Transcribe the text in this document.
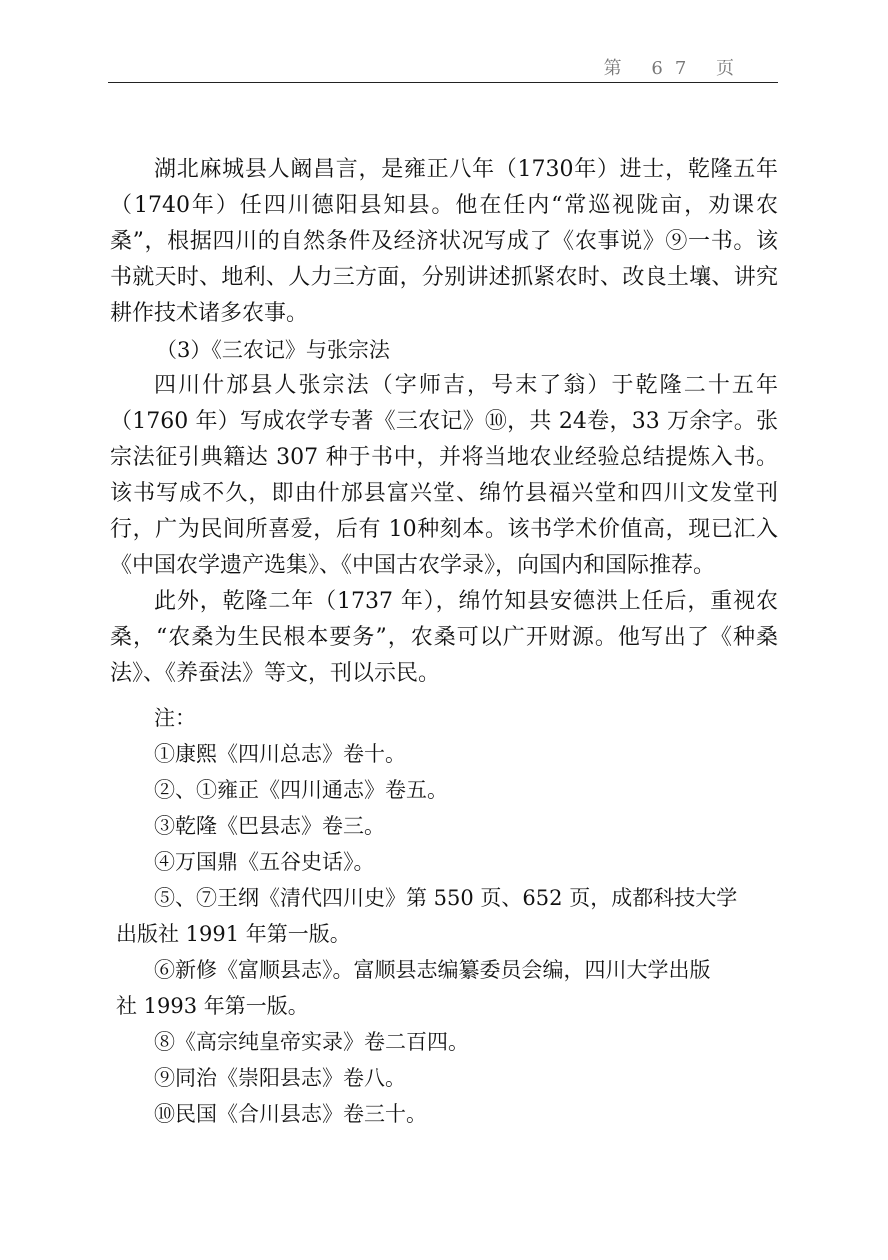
第 67 页

湖北麻城县人阚昌言，是雍正八年（1730年）进士，乾隆五年（1740年）任四川德阳县知县。他在任内“常巡视陇亩，劝课农桑”，根据四川的自然条件及经济状况写成了《农事说》⑨一书。该书就天时、地利、人力三方面，分别讲述抓紧农时、改良土壤、讲究耕作技术诸多农事。

（3）《三农记》与张宗法

四川什邡县人张宗法（字师吉，号末了翁）于乾隆二十五年（1760 年）写成农学专著《三农记》⑩，共 24卷，33 万余字。张宗法征引典籍达 307 种于书中，并将当地农业经验总结提炼入书。该书写成不久，即由什邡县富兴堂、绵竹县福兴堂和四川文发堂刊行，广为民间所喜爱，后有 10种刻本。该书学术价值高，现已汇入《中国农学遗产选集》、《中国古农学录》，向国内和国际推荐。

此外，乾隆二年（1737 年），绵竹知县安德洪上任后，重视农桑，“农桑为生民根本要务”，农桑可以广开财源。他写出了《种桑法》、《养蚕法》等文，刊以示民。

注：

①康熙《四川总志》卷十。

②、①雍正《四川通志》卷五。

③乾隆《巴县志》卷三。

④万国鼎《五谷史话》。

⑤、⑦王纲《清代四川史》第 550 页、652 页，成都科技大学

出版社 1991 年第一版。

⑥新修《富顺县志》。富顺县志编纂委员会编，四川大学出版

社 1993 年第一版。

⑧《高宗纯皇帝实录》卷二百四。

⑨同治《崇阳县志》卷八。

⑩民国《合川县志》卷三十。
